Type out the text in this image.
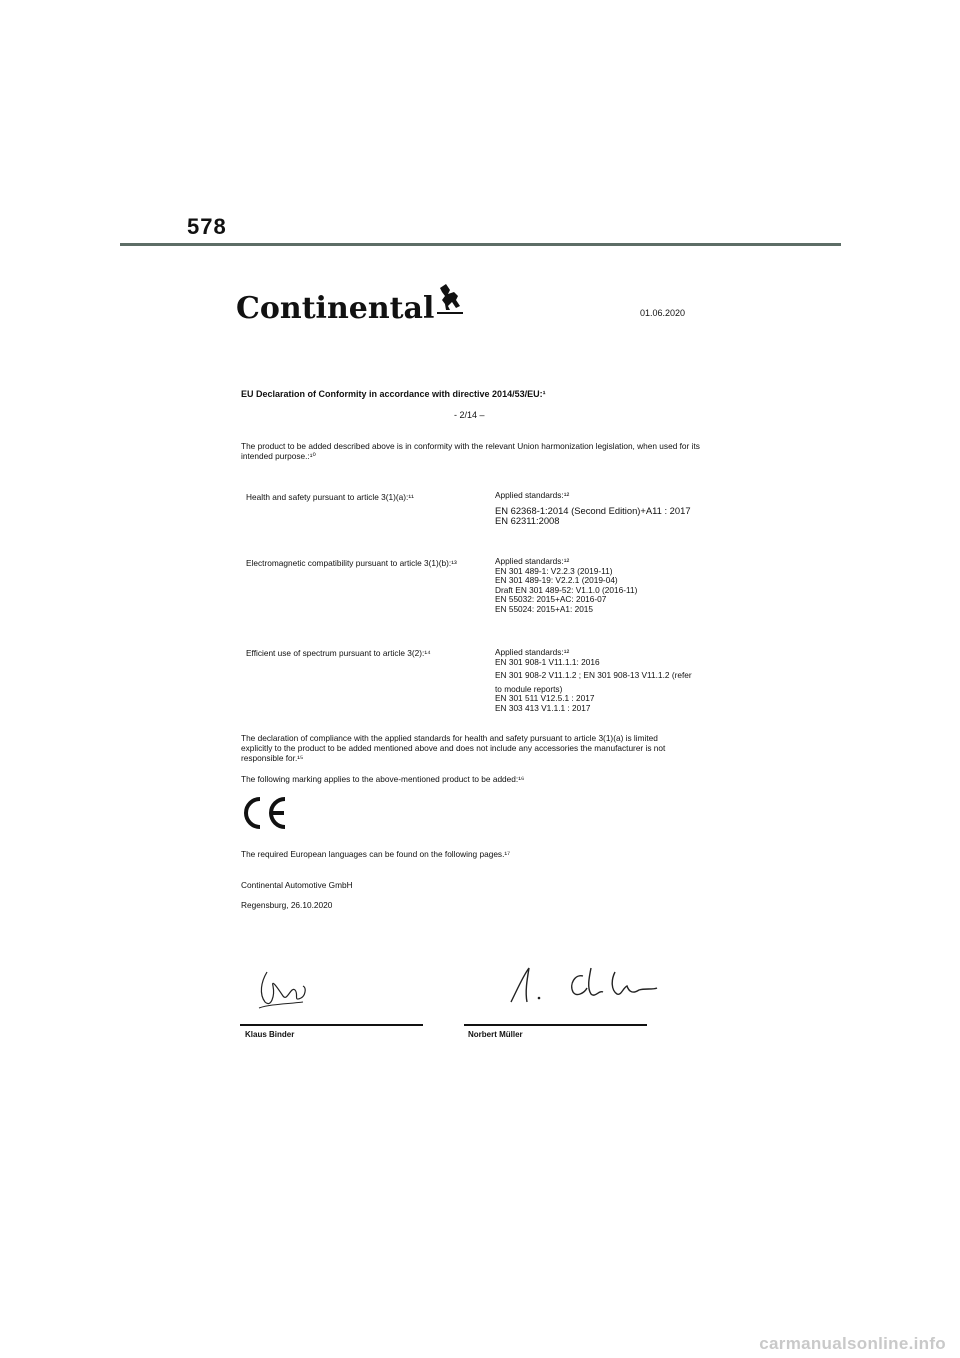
578
Continental	01.06.2020
EU Declaration of Conformity in accordance with directive 2014/53/EU:¹
- 2/14 –
The product to be added described above is in conformity with the relevant Union harmonization legislation, when used for its
intended purpose.:¹⁰
Health and safety pursuant to article 3(1)(a):¹¹	Applied standards:¹²
EN 62368-1:2014 (Second Edition)+A11 : 2017
EN 62311:2008
Electromagnetic compatibility pursuant to article 3(1)(b):¹³	Applied standards:¹²
EN 301 489-1: V2.2.3 (2019-11)
EN 301 489-19: V2.2.1 (2019-04)
Draft EN 301 489-52: V1.1.0 (2016-11)
EN 55032: 2015+AC: 2016-07
EN 55024: 2015+A1: 2015
Efficient use of spectrum pursuant to article 3(2):¹⁴	Applied standards:¹²
EN 301 908-1 V11.1.1: 2016
EN 301 908-2 V11.1.2 ; EN 301 908-13 V11.1.2 (refer
to module reports)
EN 301 511 V12.5.1 : 2017
EN 303 413 V1.1.1 : 2017
The declaration of compliance with the applied standards for health and safety pursuant to article 3(1)(a) is limited
explicitly to the product to be added mentioned above and does not include any accessories the manufacturer is not
responsible for.¹⁵
The following marking applies to the above-mentioned product to be added:¹⁶
The required European languages can be found on the following pages.¹⁷
Continental Automotive GmbH
Regensburg, 26.10.2020
Klaus Binder	Norbert Müller
carmanualsonline.info
